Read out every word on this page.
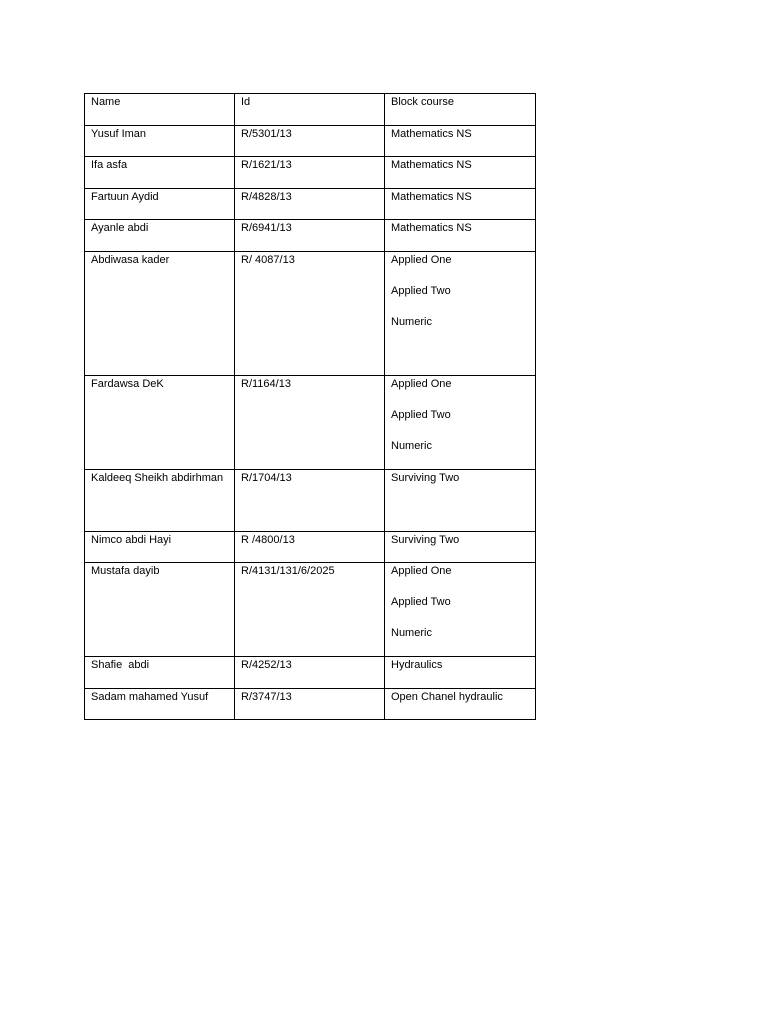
Name	Id	Block course

Yusuf Iman	R/5301/13	Mathematics NS

Ifa asfa	R/1621/13	Mathematics NS

Fartuun Aydid	R/4828/13	Mathematics NS

Ayanle abdi	R/6941/13	Mathematics NS

Abdiwasa kader	R/ 4087/13	Applied One
Applied Two
Numeric

Fardawsa DeK	R/1164/13	Applied One
Applied Two
Numeric

Kaldeeq Sheikh abdirhman	R/1704/13	Surviving Two

Nimco abdi Hayi	R /4800/13	Surviving Two

Mustafa dayib	R/4131/131/6/2025	Applied One
Applied Two
Numeric

Shafie  abdi	R/4252/13	Hydraulics

Sadam mahamed Yusuf	R/3747/13	Open Chanel hydraulic
